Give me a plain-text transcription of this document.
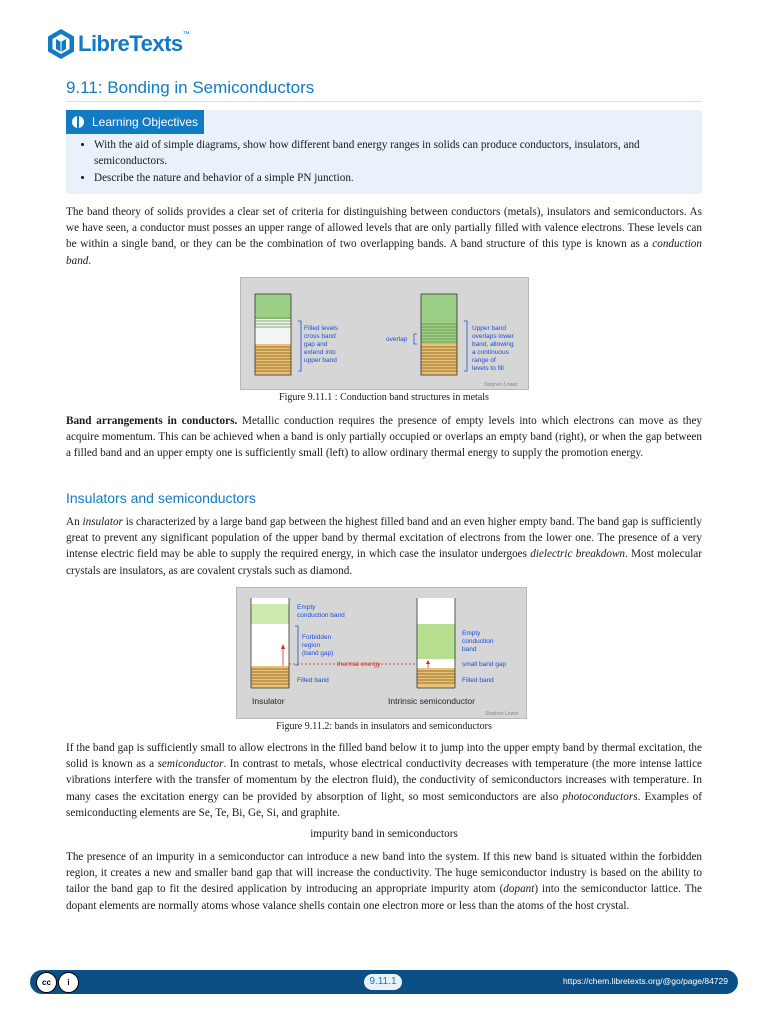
LibreTexts™
9.11: Bonding in Semiconductors
Learning Objectives
• With the aid of simple diagrams, show how different band energy ranges in solids can produce conductors, insulators, and semiconductors.
• Describe the nature and behavior of a simple PN junction.

The band theory of solids provides a clear set of criteria for distinguishing between conductors (metals), insulators and semiconductors. As we have seen, a conductor must posses an upper range of allowed levels that are only partially filled with valence electrons. These levels can be within a single band, or they can be the combination of two overlapping bands. A band structure of this type is known as a conduction band.

Filled levels
cross band
gap and
extend into
upper band
overlap
Upper band
overlaps lower
band, allowing
a continuous
range of
levels to fill
Stephen Lower
Figure 9.11.1 : Conduction band structures in metals

Band arrangements in conductors. Metallic conduction requires the presence of empty levels into which electrons can move as they acquire momentum. This can be achieved when a band is only partially occupied or overlaps an empty band (right), or when the gap between a filled band and an upper empty one is sufficiently small (left) to allow ordinary thermal energy to supply the promotion energy.

Insulators and semiconductors

An insulator is characterized by a large band gap between the highest filled band and an even higher empty band. The band gap is sufficiently great to prevent any significant population of the upper band by thermal excitation of electrons from the lower one. The presence of a very intense electric field may be able to supply the required energy, in which case the insulator undergoes dielectric breakdown. Most molecular crystals are insulators, as are covalent crystals such as diamond.

Empty
conduction band
Forbidden
region
(band gap)
thermal energy
Filled band
Insulator
Empty
conduction
band
small band gap
Filled band
Intrinsic semiconductor
Stephen Lower
Figure 9.11.2: bands in insulators and semiconductors

If the band gap is sufficiently small to allow electrons in the filled band below it to jump into the upper empty band by thermal excitation, the solid is known as a semiconductor. In contrast to metals, whose electrical conductivity decreases with temperature (the more intense lattice vibrations interfere with the transfer of momentum by the electron fluid), the conductivity of semiconductors increases with temperature. In many cases the excitation energy can be provided by absorption of light, so most semiconductors are also photoconductors. Examples of semiconducting elements are Se, Te, Bi, Ge, Si, and graphite.

impurity band in semiconductors

The presence of an impurity in a semiconductor can introduce a new band into the system. If this new band is situated within the forbidden region, it creates a new and smaller band gap that will increase the conductivity. The huge semiconductor industry is based on the ability to tailor the band gap to fit the desired application by introducing an appropriate impurity atom (dopant) into the semiconductor lattice. The dopant elements are normally atoms whose valance shells contain one electron more or less than the atoms of the host crystal.

cc	i	9.11.1	https://chem.libretexts.org/@go/page/84729
